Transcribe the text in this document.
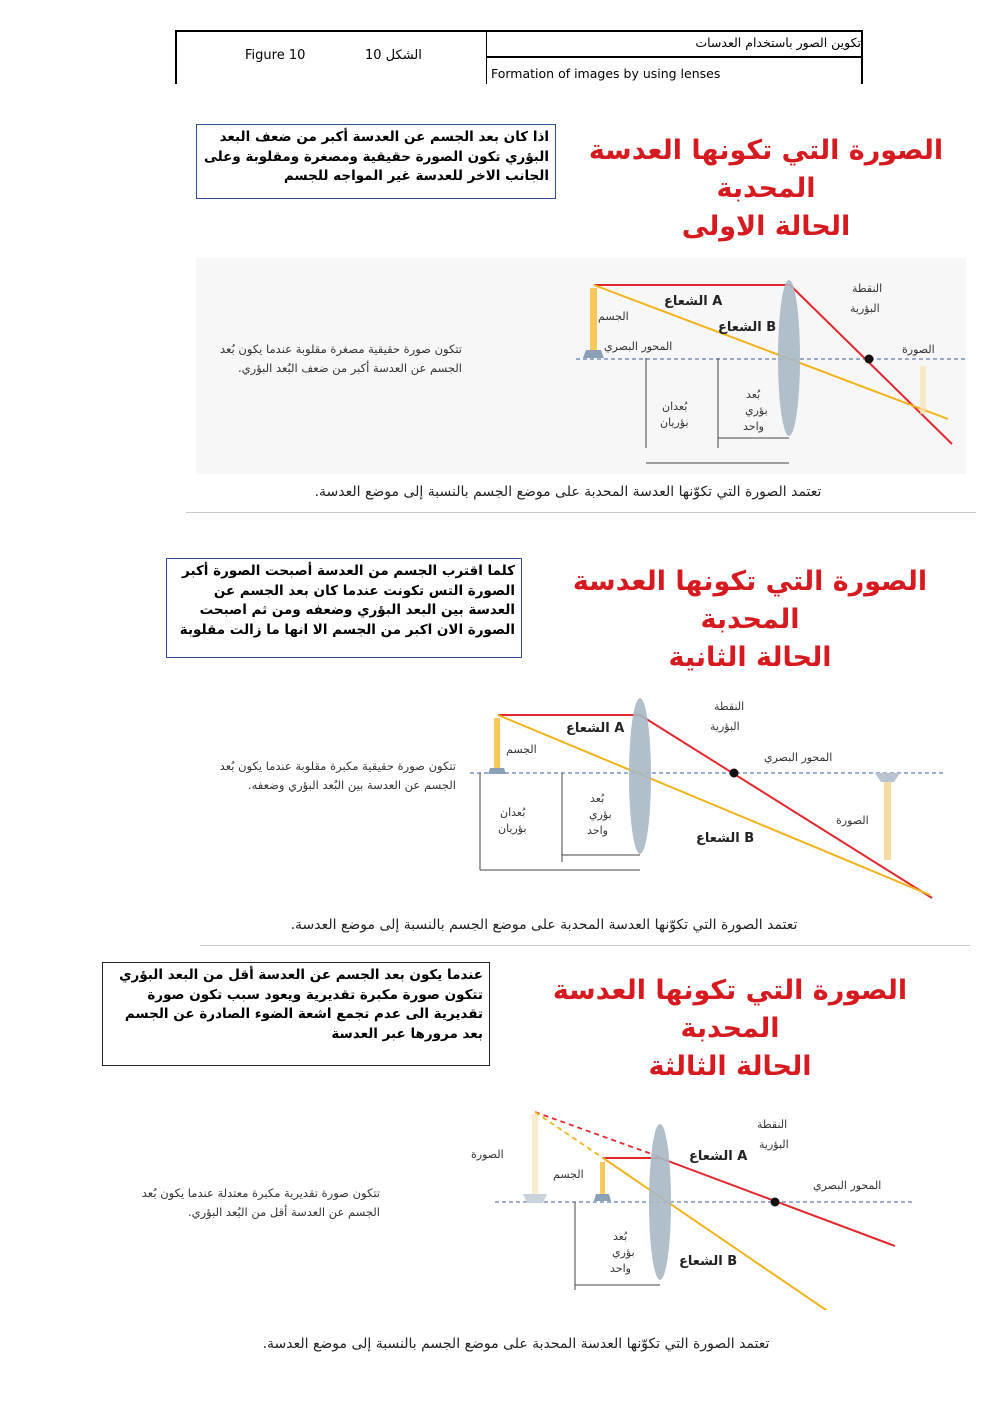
Figure 10	الشكل 10
تكوين الصور باستخدام العدسات
Formation of images by using lenses
اذا كان بعد الجسم عن العدسة أكبر من ضعف البعد البؤري تكون الصورة حقيقية ومصغرة ومقلوبة وعلى الجانب الاخر للعدسة غير المواجه للجسم
الصورة التي تكونها العدسة المحدبة
الحالة الاولى
تتكون صورة حقيقية مصغرة مقلوبة عندما يكون بُعد الجسم عن العدسة أكبر من ضعف البُعد البؤري.
الجسم
الشعاع A
الشعاع B
المحور البصري
النقطة
البؤرية
الصورة
بُعدان
بؤريان
بُعد
بؤري
واحد
تعتمد الصورة التي تكوّنها العدسة المحدبة على موضع الجسم بالنسبة إلى موضع العدسة.
كلما اقترب الجسم من العدسة أصبحت الصورة أكبر الصورة التس تكونت عندما كان بعد الجسم عن العدسة بين البعد البؤري وضعفه ومن ثم اصبحت الصورة الان اكبر من الجسم الا انها ما زالت مقلوبة
الصورة التي تكونها العدسة المحدبة
الحالة الثانية
تتكون صورة حقيقية مكبرة مقلوبة عندما يكون بُعد الجسم عن العدسة بين البُعد البؤري وضعفه.
الجسم
الشعاع A
الشعاع B
المحور البصري
النقطة
البؤرية
الصورة
بُعدان
بؤريان
بُعد
بؤري
واحد
تعتمد الصورة التي تكوّنها العدسة المحدبة على موضع الجسم بالنسبة إلى موضع العدسة.
عندما يكون بعد الجسم عن العدسة أقل من البعد البؤري تتكون صورة مكبرة تقديرية ويعود سبب تكون صورة تقديرية الى عدم تجمع اشعة الضوء الصادرة عن الجسم بعد مرورها عبر العدسة
الصورة التي تكونها العدسة المحدبة
الحالة الثالثة
تتكون صورة تقديرية مكبرة معتدلة عندما يكون بُعد الجسم عن العدسة أقل من البُعد البؤري.
الصورة
الجسم
الشعاع A
الشعاع B
المحور البصري
النقطة
البؤرية
بُعد
بؤري
واحد
تعتمد الصورة التي تكوّنها العدسة المحدبة على موضع الجسم بالنسبة إلى موضع العدسة.
